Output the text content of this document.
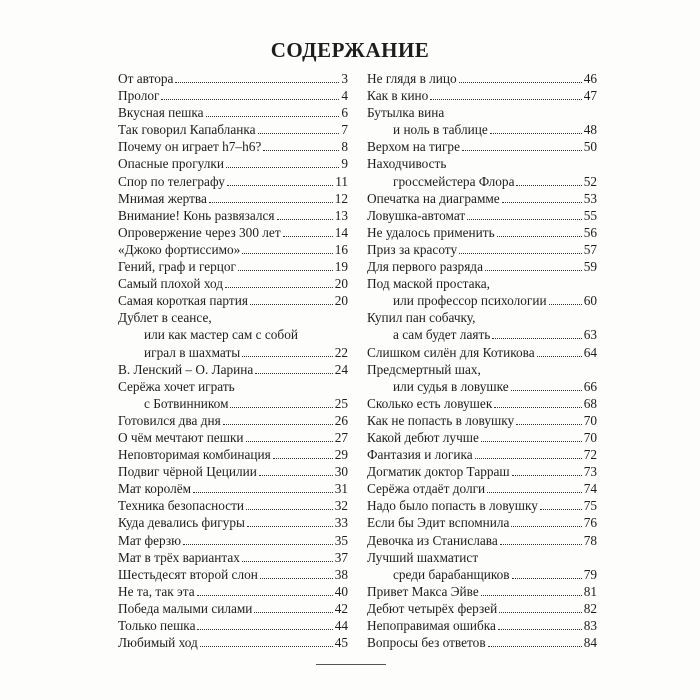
СОДЕРЖАНИЕ
От автора	3
Пролог	4
Вкусная пешка	6
Так говорил Капабланка	7
Почему он играет h7–h6?	8
Опасные прогулки	9
Спор по телеграфу	11
Мнимая жертва	12
Внимание! Конь развязался	13
Опровержение через 300 лет	14
«Джоко фортиссимо»	16
Гений, граф и герцог	19
Самый плохой ход	20
Самая короткая партия	20
Дублет в сеансе,
или как мастер сам с собой
играл в шахматы	22
В. Ленский – О. Ларина	24
Серёжа хочет играть
с Ботвинником	25
Готовился два дня	26
О чём мечтают пешки	27
Неповторимая комбинация	29
Подвиг чёрной Цецилии	30
Мат королём	31
Техника безопасности	32
Куда девались фигуры	33
Мат ферзю	35
Мат в трёх вариантах	37
Шестьдесят второй слон	38
Не та, так эта	40
Победа малыми силами	42
Только пешка	44
Любимый ход	45
Не глядя в лицо	46
Как в кино	47
Бутылка вина
и ноль в таблице	48
Верхом на тигре	50
Находчивость
гроссмейстера Флора	52
Опечатка на диаграмме	53
Ловушка-автомат	55
Не удалось применить	56
Приз за красоту	57
Для первого разряда	59
Под маской простака,
или профессор психологии	60
Купил пан собачку,
а сам будет лаять	63
Слишком силён для Котикова	64
Предсмертный шах,
или судья в ловушке	66
Сколько есть ловушек	68
Как не попасть в ловушку	70
Какой дебют лучше	70
Фантазия и логика	72
Догматик доктор Тарраш	73
Серёжа отдаёт долги	74
Надо было попасть в ловушку	75
Если бы Эдит вспомнила	76
Девочка из Станислава	78
Лучший шахматист
среди барабанщиков	79
Привет Макса Эйве	81
Дебют четырёх ферзей	82
Непоправимая ошибка	83
Вопросы без ответов	84
